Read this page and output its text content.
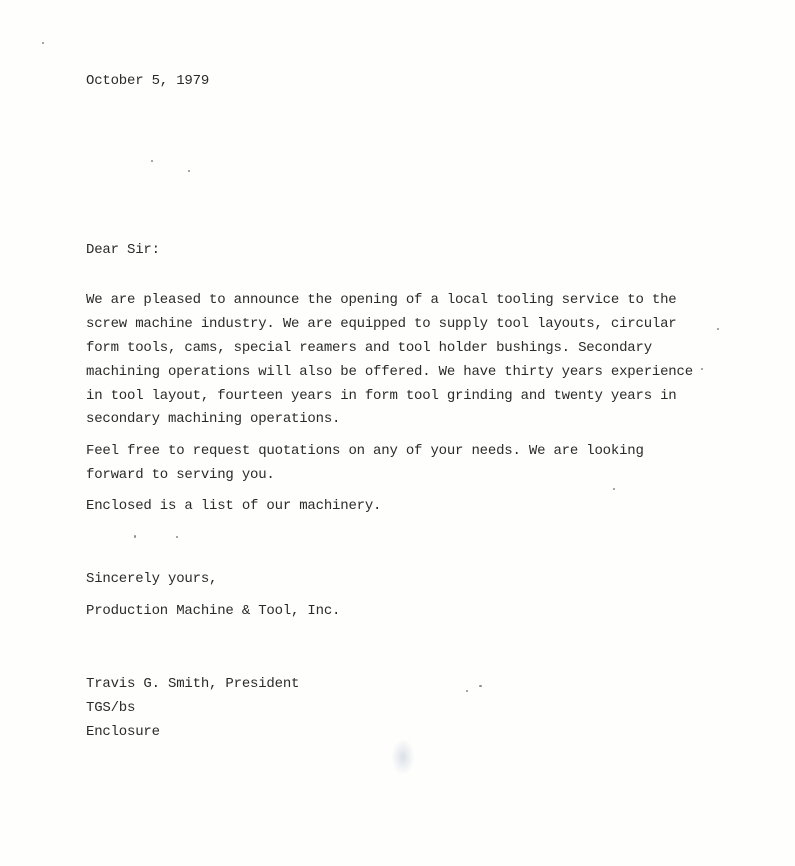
October 5, 1979
Dear Sir:
We are pleased to announce the opening of a local tooling service to the
screw machine industry. We are equipped to supply tool layouts, circular
form tools, cams, special reamers and tool holder bushings. Secondary
machining operations will also be offered. We have thirty years experience
in tool layout, fourteen years in form tool grinding and twenty years in
secondary machining operations.
Feel free to request quotations on any of your needs. We are looking
forward to serving you.
Enclosed is a list of our machinery.
Sincerely yours,
Production Machine & Tool, Inc.
Travis G. Smith, President
TGS/bs
Enclosure
